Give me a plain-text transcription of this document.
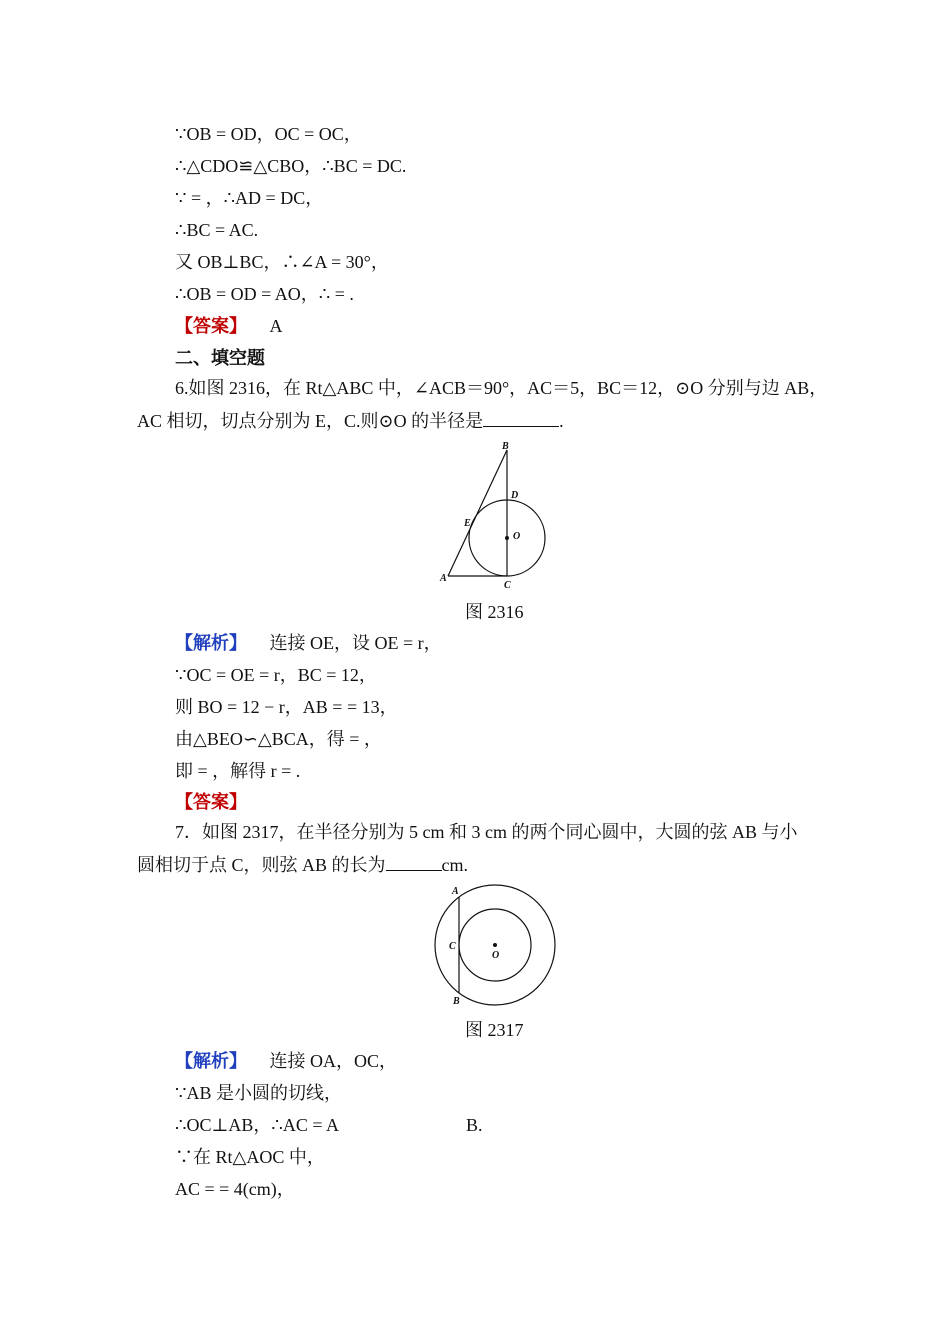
∵OB = OD，OC = OC，
∴△CDO≌△CBO，∴BC = DC.
∵ = ，∴AD = DC，
∴BC = AC.
又 OB⊥BC，∴∠A = 30°，
∴OB = OD = AO，∴ = .
【答案】 A
二、填空题
6.如图 2316，在 Rt△ABC 中，∠ACB＝90°，AC＝5，BC＝12，⊙O 分别与边 AB，
AC 相切，切点分别为 E，C.则⊙O 的半径是	.
B
D
E
O
A
C
图 2316
【解析】 连接 OE，设 OE = r，
∵OC = OE = r，BC = 12，
则 BO = 12 − r，AB = = 13，
由△BEO∽△BCA，得 = ，
即 = ，解得 r = .
【答案】
7．如图 2317，在半径分别为 5 cm 和 3 cm 的两个同心圆中，大圆的弦 AB 与小
圆相切于点 C，则弦 AB 的长为	cm.
A
C
O
B
图 2317
【解析】 连接 OA，OC，
∵AB 是小圆的切线，
∴OC⊥AB，∴AC = A	B.
∵在 Rt△AOC 中，
AC = = 4(cm)，
